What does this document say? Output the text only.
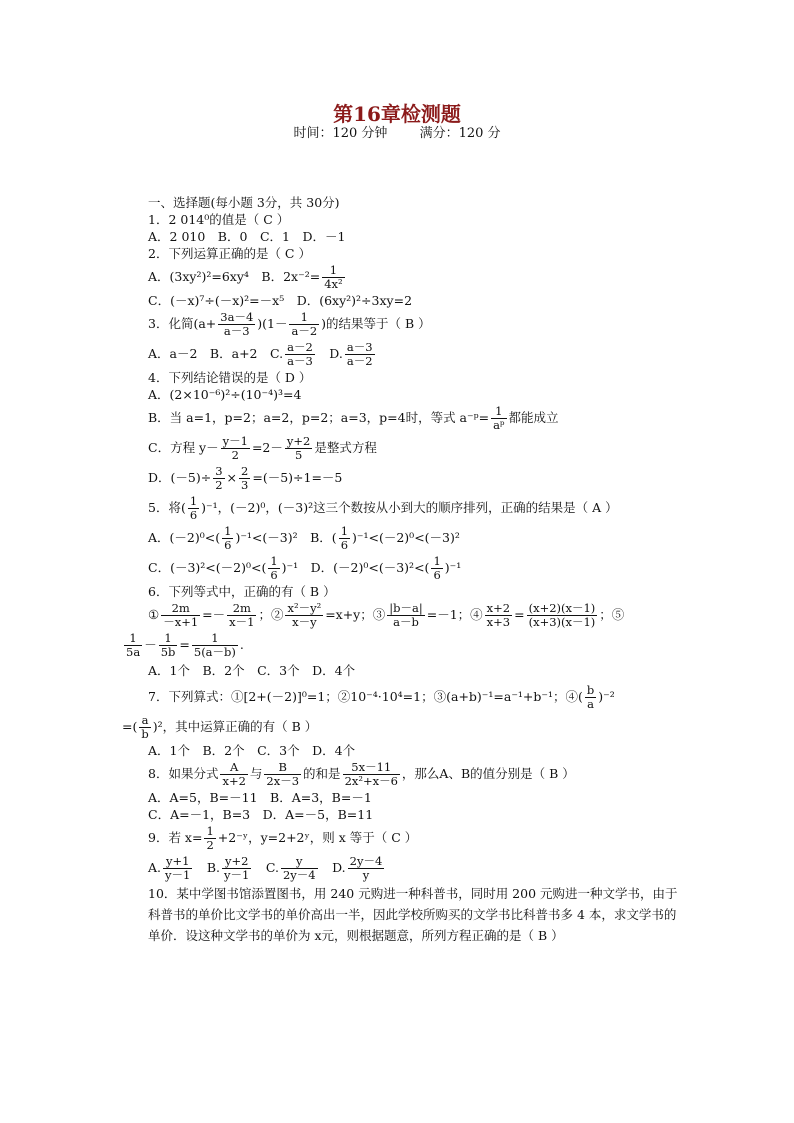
第16章检测题
时间：120 分钟 满分：120 分

一、选择题(每小题 3分，共 30分)

1．2 014⁰的值是（ C ）

A．2 010　B．0　C．1　D．－1

2．下列运算正确的是（ C ）

A．(3xy²)²=6xy⁴　B．$2x^{-2}= \frac{1}{\text{4x²}}$

C．(－x)⁷÷(－x)²=－x⁵　D．(6xy²)²÷3xy=2

3．化简$(a+ \frac{3a-4}{a-3} )(1- \frac{1}{a-2}$ )的结果等于（ B ）

A．a－2　B．a+2　C. $\frac{a-2}{a-3}$ 　D. $\frac{a-3}{a-2}$

4．下列结论错误的是（ D ）

A．(2×10⁻⁶)²÷(10⁻⁴)³=4

B．当 a=1，p=2；a=2，p=2；a=3，p=4时，等式 a⁻ᵖ= $\frac{1}{\text{aᵖ}}$ 都能成立

C．方程 $y- \frac{y-1}{2} =2- \frac{y+2}{5}$ 是整式方程

D．$(-5)\div \frac{3}{2} \times \frac{2}{3} =(-5)\div 1=-5$

5．将( $\frac{1}{6} )^{-1}$，(－2)⁰，(－3)²这三个数按从小到大的顺序排列，正确的结果是（ A ）

A．$(-2)^0<( \frac{1}{6} )^{-1}<(-3)^2$　B．( $\frac{1}{6} )^{-1}<(-2)^0<(-3)^2$

C．$(-3)^2<(-2)^0<( \frac{1}{6} )^{-1}$　D．$(-2)^0<(-3)^2<( \frac{1}{6} )^{-1}$

6．下列等式中，正确的有（ B ）

① $\frac{2m}{-x+1} =- \frac{2m}{x-1}$ ；② $\frac{\text{x²－y²}}{x-y} =x+y$；③ $\frac{|b-a|}{a-b} =-1$；④ $\frac{x+2}{x+3} = \frac{(x+2)(x-1)}{(x+3)(x-1)}$ ；⑤

$\frac{1}{5a} - \frac{1}{5b} = \frac{1}{5(a-b)}$ .

A．1个　B．2个　C．3个　D．4个

7．下列算式：①[2+(－2)]⁰=1；②10⁻⁴·10⁴=1；③(a+b)⁻¹=a⁻¹+b⁻¹；④( $\frac{b}{a} )^{-2}$

=( $\frac{a}{b} )^2$，其中运算正确的有（ B ）

A．1个　B．2个　C．3个　D．4个

8．如果分式 $\frac{A}{x+2}$ 与 $\frac{B}{2x-3}$ 的和是 $\frac{5x-11}{\text{2x²+x－6}}$ ，那么A、B的值分别是（ B ）

A．A=5，B=－11　B．A=3，B=－1

C．A=－1，B=3　D．A=－5，B=11

9．若 $x= \frac{1}{2}$ +2⁻ʸ，y=2+2ʸ，则 x 等于（ C ）

A. $\frac{y+1}{y-1}$ 　B. $\frac{y+2}{y-1}$ 　C. $\frac{y}{2y-4}$ 　D. $\frac{2y-4}{y}$

10．某中学图书馆添置图书，用 240 元购进一种科普书，同时用 200 元购进一种文学书，由于科普书的单价比文学书的单价高出一半，因此学校所购买的文学书比科普书多 4 本，求文学书的单价．设这种文学书的单价为 x元，则根据题意，所列方程正确的是（ B ）
